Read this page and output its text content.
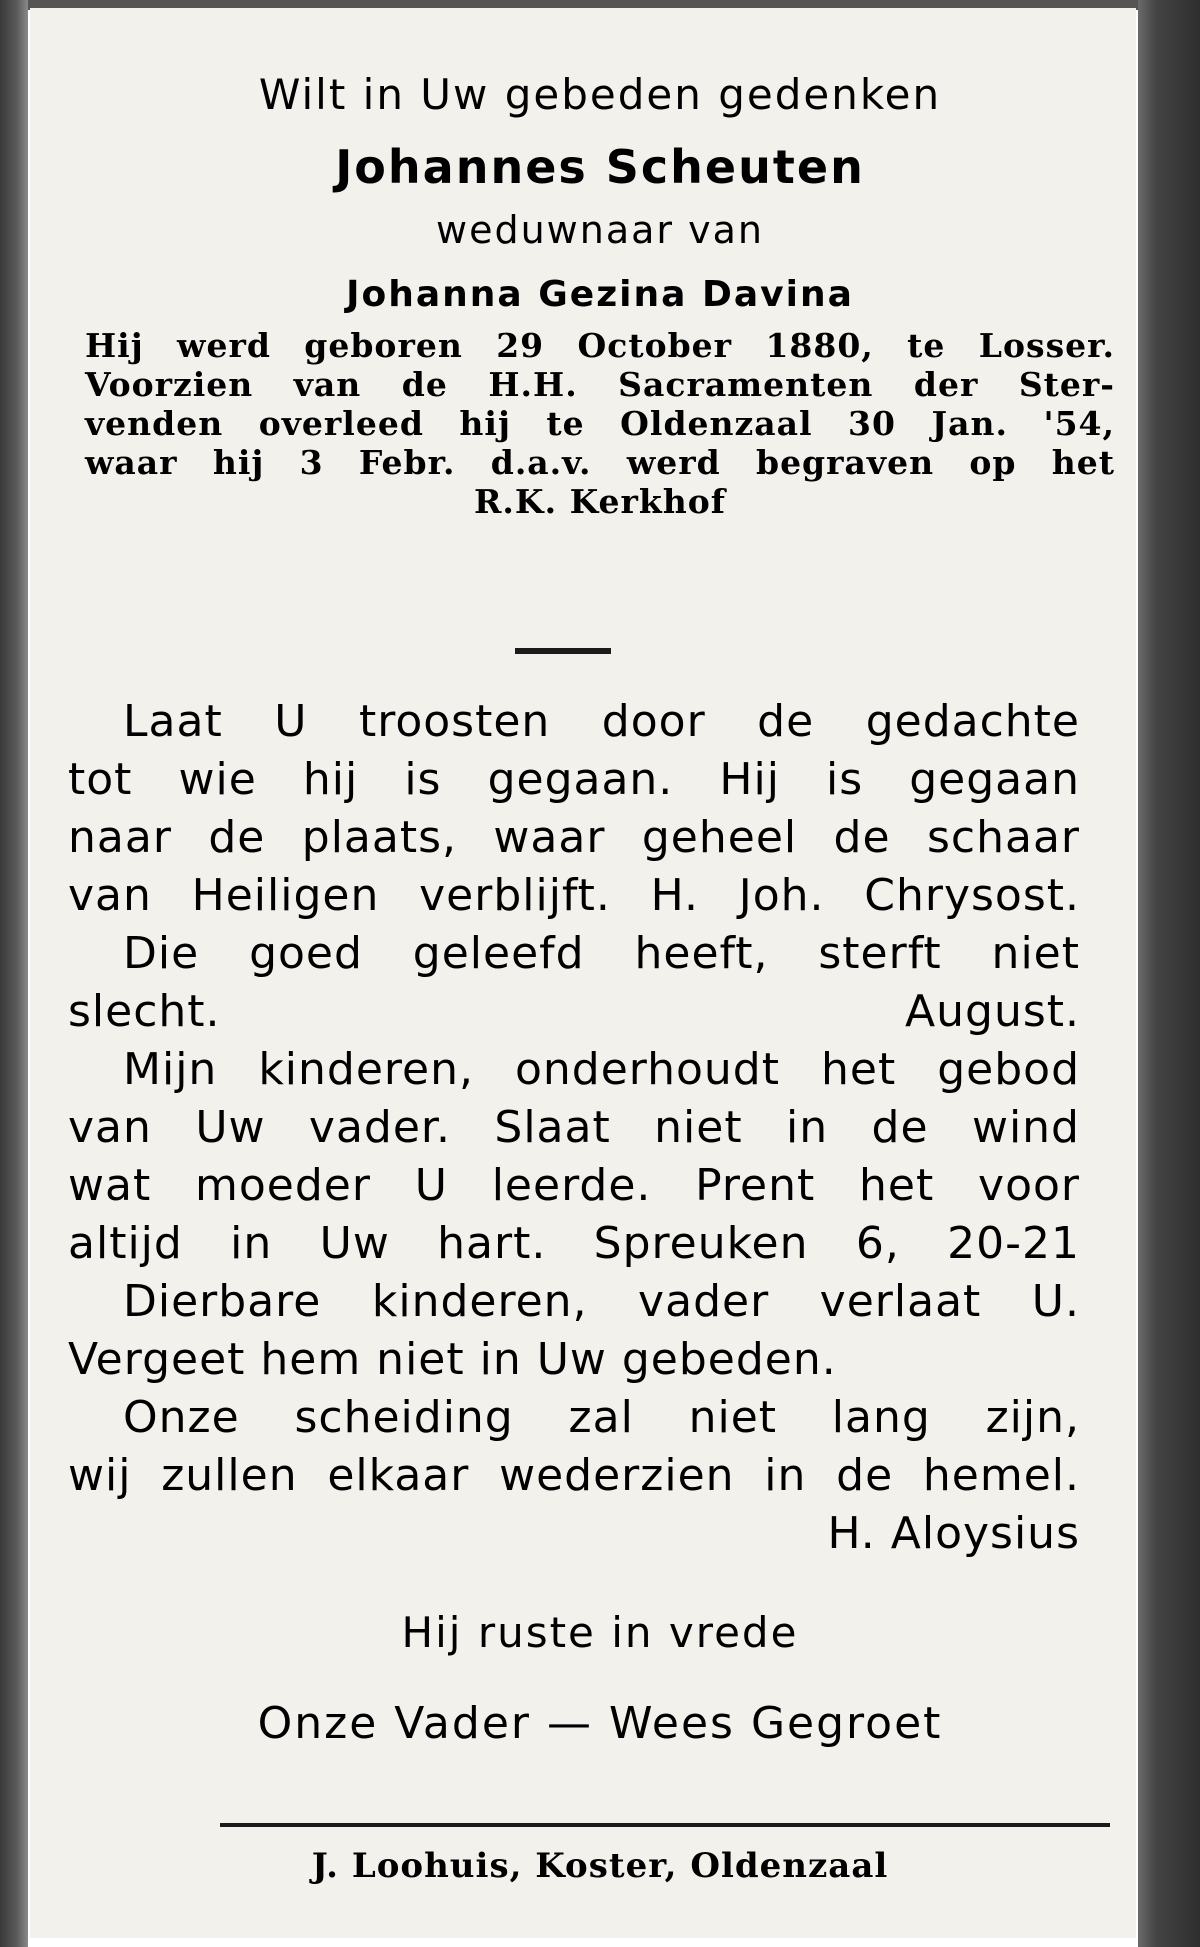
Wilt in Uw gebeden gedenken
Johannes Scheuten
weduwnaar van
Johanna Gezina Davina
Hij werd geboren 29 October 1880, te Losser.
Voorzien van de H.H. Sacramenten der Ster-
venden overleed hij te Oldenzaal 30 Jan. '54,
waar hij 3 Febr. d.a.v. werd begraven op het
R.K. Kerkhof
Laat U troosten door de gedachte
tot wie hij is gegaan. Hij is gegaan
naar de plaats, waar geheel de schaar
van Heiligen verblijft. H. Joh. Chrysost.
Die goed geleefd heeft, sterft niet
slecht.	August.
Mijn kinderen, onderhoudt het gebod
van Uw vader. Slaat niet in de wind
wat moeder U leerde. Prent het voor
altijd in Uw hart. Spreuken 6, 20-21
Dierbare kinderen, vader verlaat U.
Vergeet hem niet in Uw gebeden.
Onze scheiding zal niet lang zijn,
wij zullen elkaar wederzien in de hemel.
H. Aloysius
Hij ruste in vrede
Onze Vader — Wees Gegroet
J. Loohuis, Koster, Oldenzaal
